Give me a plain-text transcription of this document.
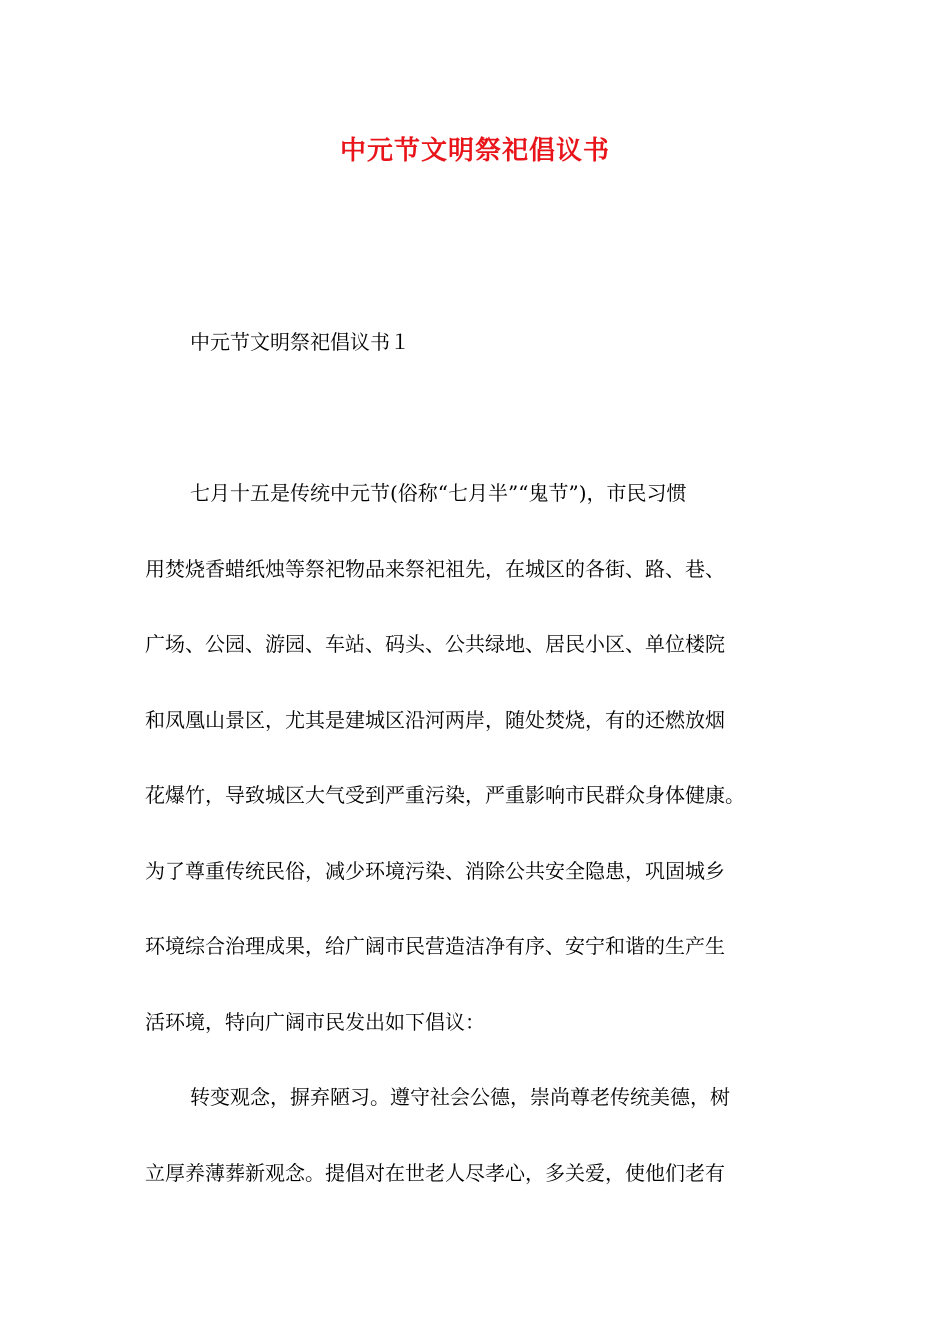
中元节文明祭祀倡议书
中元节文明祭祀倡议书１
七月十五是传统中元节(俗称“七月半”“鬼节”)，市民习惯
用焚烧香蜡纸烛等祭祀物品来祭祀祖先，在城区的各街、路、巷、
广场、公园、游园、车站、码头、公共绿地、居民小区、单位楼院
和凤凰山景区，尤其是建城区沿河两岸，随处焚烧，有的还燃放烟
花爆竹，导致城区大气受到严重污染，严重影响市民群众身体健康。
为了尊重传统民俗，减少环境污染、消除公共安全隐患，巩固城乡
环境综合治理成果，给广阔市民营造洁净有序、安宁和谐的生产生
活环境，特向广阔市民发出如下倡议：
转变观念，摒弃陋习。遵守社会公德，崇尚尊老传统美德，树
立厚养薄葬新观念。提倡对在世老人尽孝心，多关爱，使他们老有
